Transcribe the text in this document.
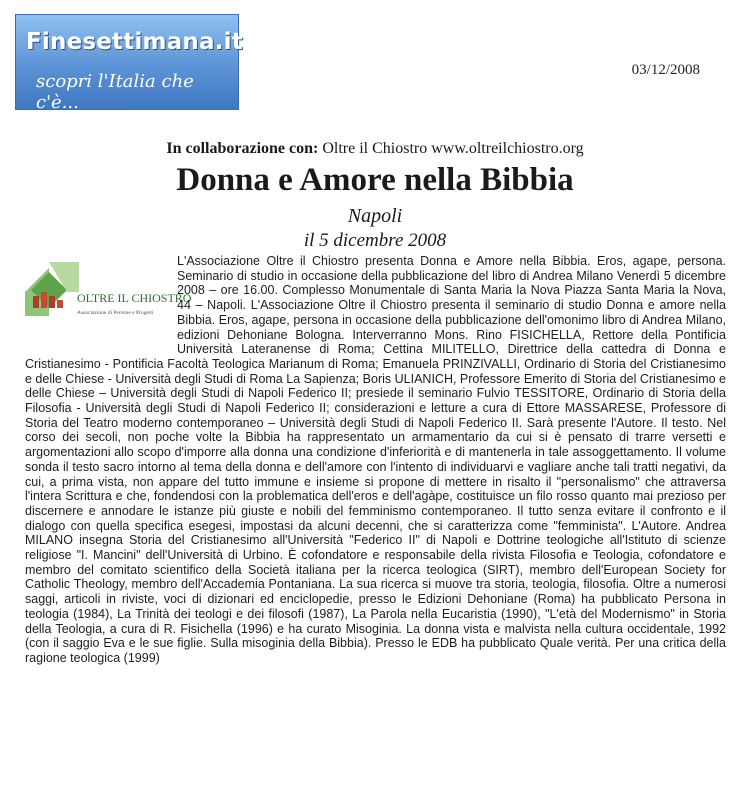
Finesettimana.it
scopri l'Italia che c'è...
03/12/2008
In collaborazione con: Oltre il Chiostro www.oltreilchiostro.org
Donna e Amore nella Bibbia
Napoli
il 5 dicembre 2008
OLTRE IL CHIOSTRO
Associazione di Persone e Progetti
L'Associazione Oltre il Chiostro presenta Donna e Amore nella Bibbia. Eros, agape, persona. Seminario di studio in occasione della pubblicazione del libro di Andrea Milano Venerdì 5 dicembre 2008 – ore 16.00. Complesso Monumentale di Santa Maria la Nova Piazza Santa Maria la Nova, 44 – Napoli. L'Associazione Oltre il Chiostro presenta il seminario di studio Donna e amore nella Bibbia. Eros, agape, persona in occasione della pubblicazione dell'omonimo libro di Andrea Milano, edizioni Dehoniane Bologna. Interverranno Mons. Rino FISICHELLA, Rettore della Pontificia Università Lateranense di Roma; Cettina MILITELLO, Direttrice della cattedra di Donna e Cristianesimo - Pontificia Facoltà Teologica Marianum di Roma; Emanuela PRINZIVALLI, Ordinario di Storia del Cristianesimo e delle Chiese - Università degli Studi di Roma La Sapienza; Boris ULIANICH, Professore Emerito di Storia del Cristianesimo e delle Chiese – Università degli Studi di Napoli Federico II; presiede il seminario Fulvio TESSITORE, Ordinario di Storia della Filosofia - Università degli Studi di Napoli Federico II; considerazioni e letture a cura di Ettore MASSARESE, Professore di Storia del Teatro moderno contemporaneo – Università degli Studi di Napoli Federico II. Sarà presente l'Autore. Il testo. Nel corso dei secoli, non poche volte la Bibbia ha rappresentato un armamentario da cui si è pensato di trarre versetti e argomentazioni allo scopo d'imporre alla donna una condizione d'inferiorità e di mantenerla in tale assoggettamento. Il volume sonda il testo sacro intorno al tema della donna e dell'amore con l'intento di individuarvi e vagliare anche tali tratti negativi, da cui, a prima vista, non appare del tutto immune e insieme si propone di mettere in risalto il "personalismo" che attraversa l'intera Scrittura e che, fondendosi con la problematica dell'eros e dell'agàpe, costituisce un filo rosso quanto mai prezioso per discernere e annodare le istanze più giuste e nobili del femminismo contemporaneo. Il tutto senza evitare il confronto e il dialogo con quella specifica esegesi, impostasi da alcuni decenni, che si caratterizza come "femminista". L'Autore. Andrea MILANO insegna Storia del Cristianesimo all'Università "Federico II" di Napoli e Dottrine teologiche all'Istituto di scienze religiose "I. Mancini" dell'Università di Urbino. È cofondatore e responsabile della rivista Filosofia e Teologia, cofondatore e membro del comitato scientifico della Società italiana per la ricerca teologica (SIRT), membro dell'European Society for Catholic Theology, membro dell'Accademia Pontaniana. La sua ricerca si muove tra storia, teologia, filosofia. Oltre a numerosi saggi, articoli in riviste, voci di dizionari ed enciclopedie, presso le Edizioni Dehoniane (Roma) ha pubblicato Persona in teologia (1984), La Trinità dei teologi e dei filosofi (1987), La Parola nella Eucaristia (1990), "L'età del Modernismo" in Storia della Teologia, a cura di R. Fisichella (1996) e ha curato Misoginia. La donna vista e malvista nella cultura occidentale, 1992 (con il saggio Eva e le sue figlie. Sulla misoginia della Bibbia). Presso le EDB ha pubblicato Quale verità. Per una critica della ragione teologica (1999)
